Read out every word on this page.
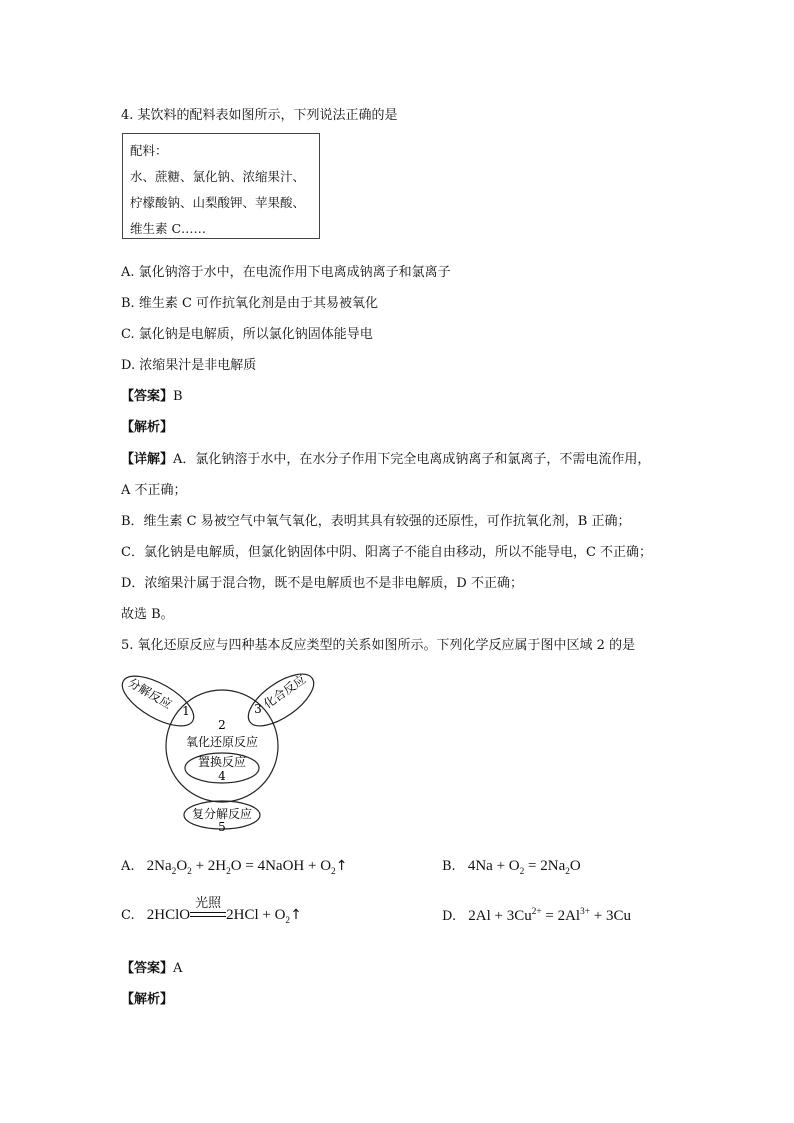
4. 某饮料的配料表如图所示，下列说法正确的是
配料：
水、蔗糖、氯化钠、浓缩果汁、
柠檬酸钠、山梨酸钾、苹果酸、
维生素 C……
A. 氯化钠溶于水中，在电流作用下电离成钠离子和氯离子
B. 维生素 C 可作抗氧化剂是由于其易被氧化
C. 氯化钠是电解质，所以氯化钠固体能导电
D. 浓缩果汁是非电解质
【答案】B
【解析】
【详解】A．氯化钠溶于水中，在水分子作用下完全电离成钠离子和氯离子，不需电流作用，
A 不正确；
B．维生素 C 易被空气中氧气氧化，表明其具有较强的还原性，可作抗氧化剂，B 正确；
C．氯化钠是电解质，但氯化钠固体中阴、阳离子不能自由移动，所以不能导电，C 不正确；
D．浓缩果汁属于混合物，既不是电解质也不是非电解质，D 不正确；
故选 B。
5. 氧化还原反应与四种基本反应类型的关系如图所示。下列化学反应属于图中区域 2 的是
分解反应	化合反应
1	3
2
氧化还原反应
置换反应
4
复分解反应
5
A. $2Na_2O_2 + 2H_2O$ = 4NaOH + $O_2↑$	B. $4Na + O_2 = 2Na_2O$
C. 2HClO
光照
$2HCl + O_2↑$	D. $2Al + 3Cu^{2+} = 2Al^{3+} + 3Cu$
【答案】A
【解析】
